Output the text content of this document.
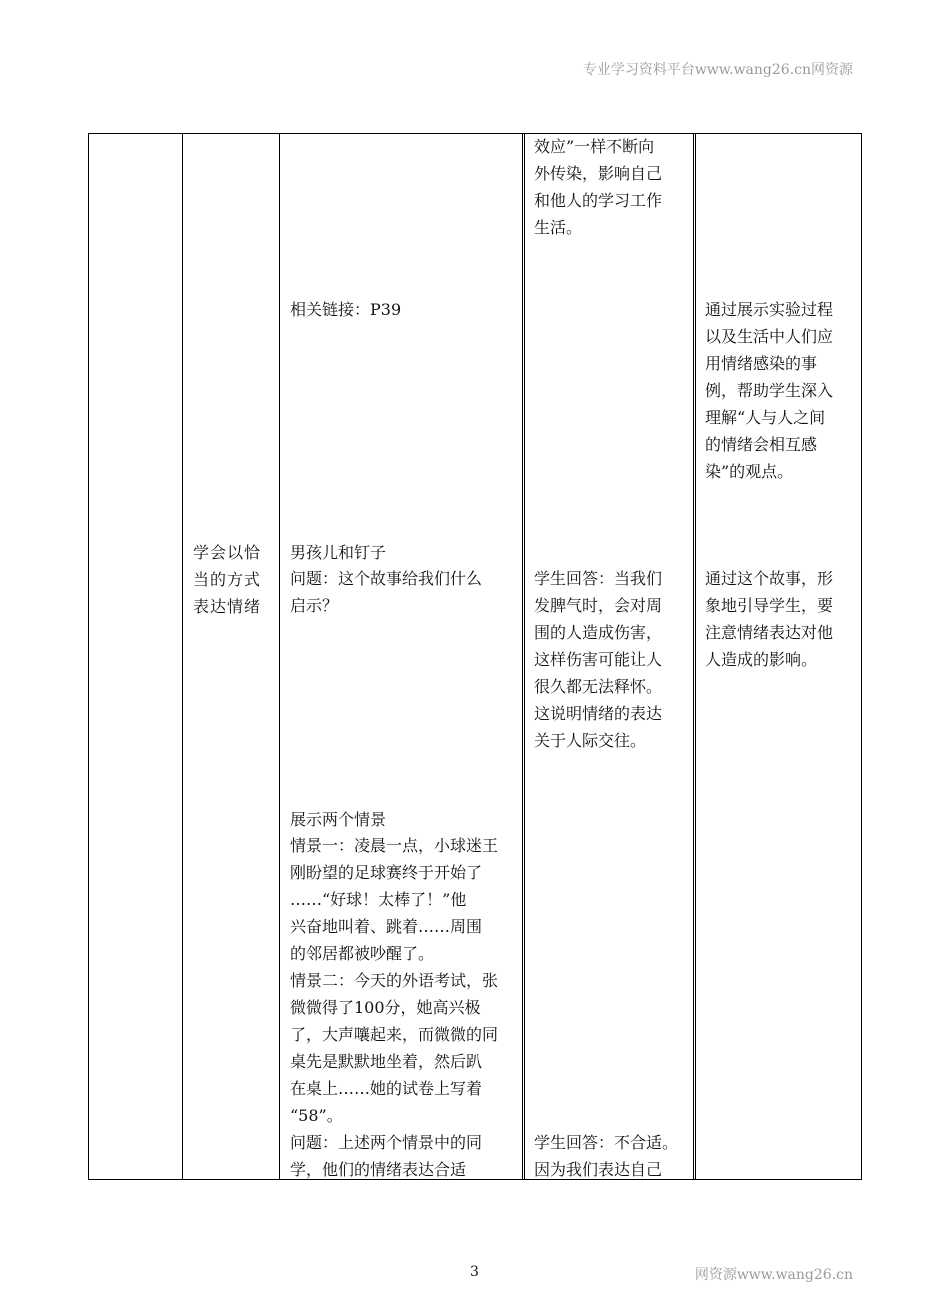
专业学习资料平台www.wang26.cn网资源
学会以恰
当的方式
表达情绪
相关链接：P39
男孩儿和钉子
问题：这个故事给我们什么
启示？
展示两个情景
情景一：凌晨一点，小球迷王
刚盼望的足球赛终于开始了
……“好球！太棒了！”他
兴奋地叫着、跳着……周围
的邻居都被吵醒了。
情景二：今天的外语考试，张
微微得了100分，她高兴极
了，大声嚷起来，而微微的同
桌先是默默地坐着，然后趴
在桌上……她的试卷上写着
“58”。
问题：上述两个情景中的同
学，他们的情绪表达合适
效应”一样不断向
外传染，影响自己
和他人的学习工作
生活。
学生回答：当我们
发脾气时，会对周
围的人造成伤害，
这样伤害可能让人
很久都无法释怀。
这说明情绪的表达
关于人际交往。
学生回答：不合适。
因为我们表达自己
通过展示实验过程
以及生活中人们应
用情绪感染的事
例，帮助学生深入
理解“人与人之间
的情绪会相互感
染”的观点。
通过这个故事，形
象地引导学生，要
注意情绪表达对他
人造成的影响。
3	网资源www.wang26.cn
